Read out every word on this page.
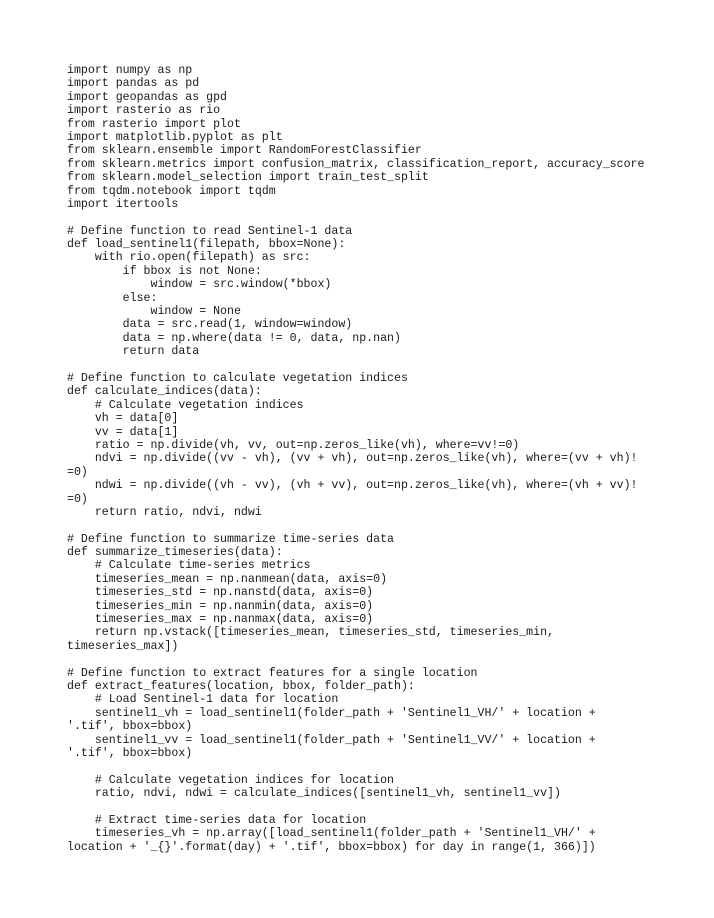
import numpy as np
import pandas as pd
import geopandas as gpd
import rasterio as rio
from rasterio import plot
import matplotlib.pyplot as plt
from sklearn.ensemble import RandomForestClassifier
from sklearn.metrics import confusion_matrix, classification_report, accuracy_score
from sklearn.model_selection import train_test_split
from tqdm.notebook import tqdm
import itertools
# Define function to read Sentinel-1 data
def load_sentinel1(filepath, bbox=None):
with rio.open(filepath) as src:
if bbox is not None:
window = src.window(*bbox)
else:
window = None
data = src.read(1, window=window)
data = np.where(data != 0, data, np.nan)
return data
# Define function to calculate vegetation indices
def calculate_indices(data):
# Calculate vegetation indices
vh = data[0]
vv = data[1]
ratio = np.divide(vh, vv, out=np.zeros_like(vh), where=vv!=0)
ndvi = np.divide((vv - vh), (vv + vh), out=np.zeros_like(vh), where=(vv + vh)!
=0)
ndwi = np.divide((vh - vv), (vh + vv), out=np.zeros_like(vh), where=(vh + vv)!
=0)
return ratio, ndvi, ndwi
# Define function to summarize time-series data
def summarize_timeseries(data):
# Calculate time-series metrics
timeseries_mean = np.nanmean(data, axis=0)
timeseries_std = np.nanstd(data, axis=0)
timeseries_min = np.nanmin(data, axis=0)
timeseries_max = np.nanmax(data, axis=0)
return np.vstack([timeseries_mean, timeseries_std, timeseries_min,
timeseries_max])
# Define function to extract features for a single location
def extract_features(location, bbox, folder_path):
# Load Sentinel-1 data for location
sentinel1_vh = load_sentinel1(folder_path + 'Sentinel1_VH/' + location +
'.tif', bbox=bbox)
sentinel1_vv = load_sentinel1(folder_path + 'Sentinel1_VV/' + location +
'.tif', bbox=bbox)
# Calculate vegetation indices for location
ratio, ndvi, ndwi = calculate_indices([sentinel1_vh, sentinel1_vv])
# Extract time-series data for location
timeseries_vh = np.array([load_sentinel1(folder_path + 'Sentinel1_VH/' +
location + '_{}'.format(day) + '.tif', bbox=bbox) for day in range(1, 366)])
